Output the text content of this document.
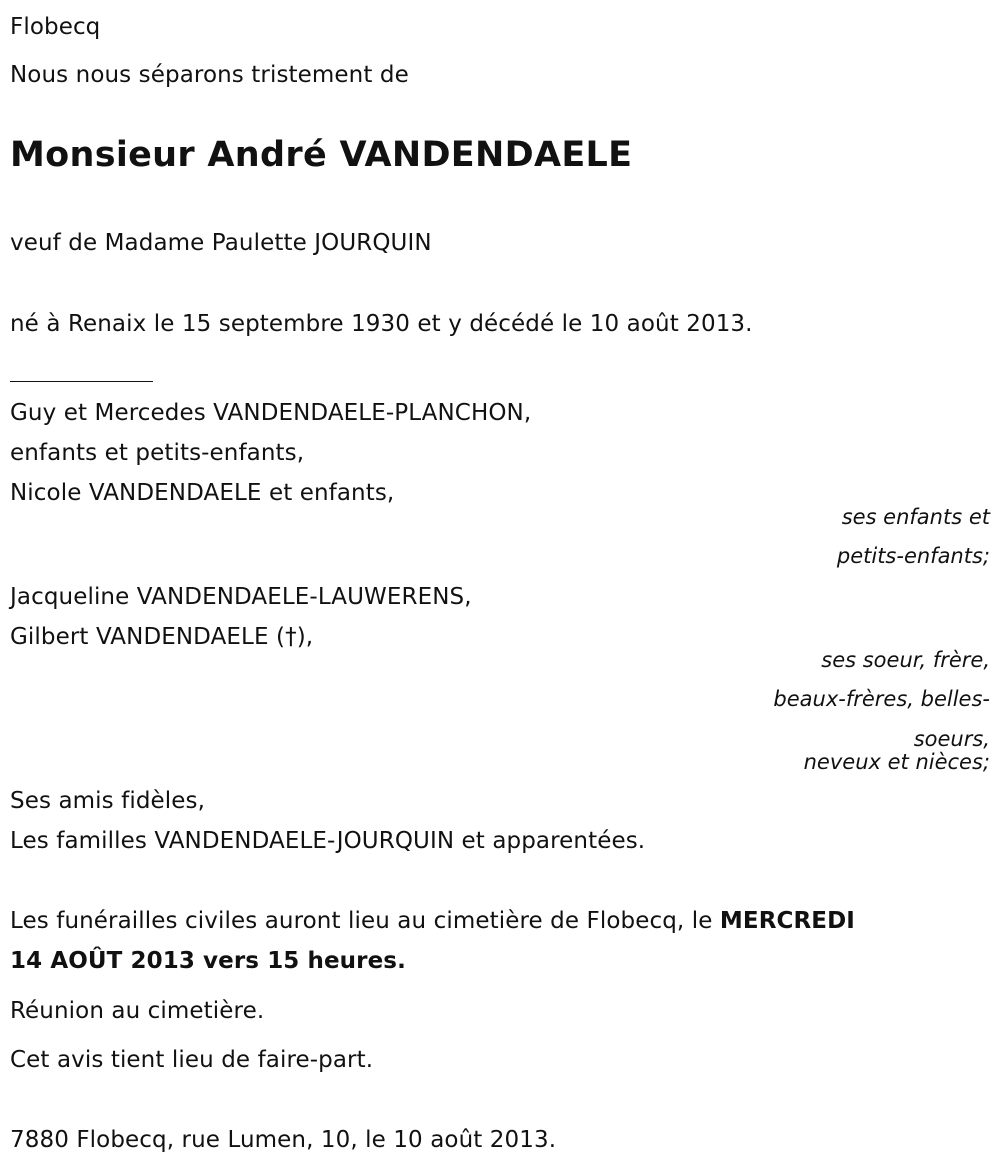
Flobecq
Nous nous séparons tristement de
Monsieur André VANDENDAELE
veuf de Madame Paulette JOURQUIN
né à Renaix le 15 septembre 1930 et y décédé le 10 août 2013.
Guy et Mercedes VANDENDAELE-PLANCHON,
enfants et petits-enfants,
Nicole VANDENDAELE et enfants,
ses enfants et
petits-enfants;
Jacqueline VANDENDAELE-LAUWERENS,
Gilbert VANDENDAELE (†),
ses soeur, frère,
beaux-frères, belles-
soeurs,
neveux et nièces;
Ses amis fidèles,
Les familles VANDENDAELE-JOURQUIN et apparentées.
Les funérailles civiles auront lieu au cimetière de Flobecq, le MERCREDI
14 AOÛT 2013 vers 15 heures.
Réunion au cimetière.
Cet avis tient lieu de faire-part.
7880 Flobecq, rue Lumen, 10, le 10 août 2013.
